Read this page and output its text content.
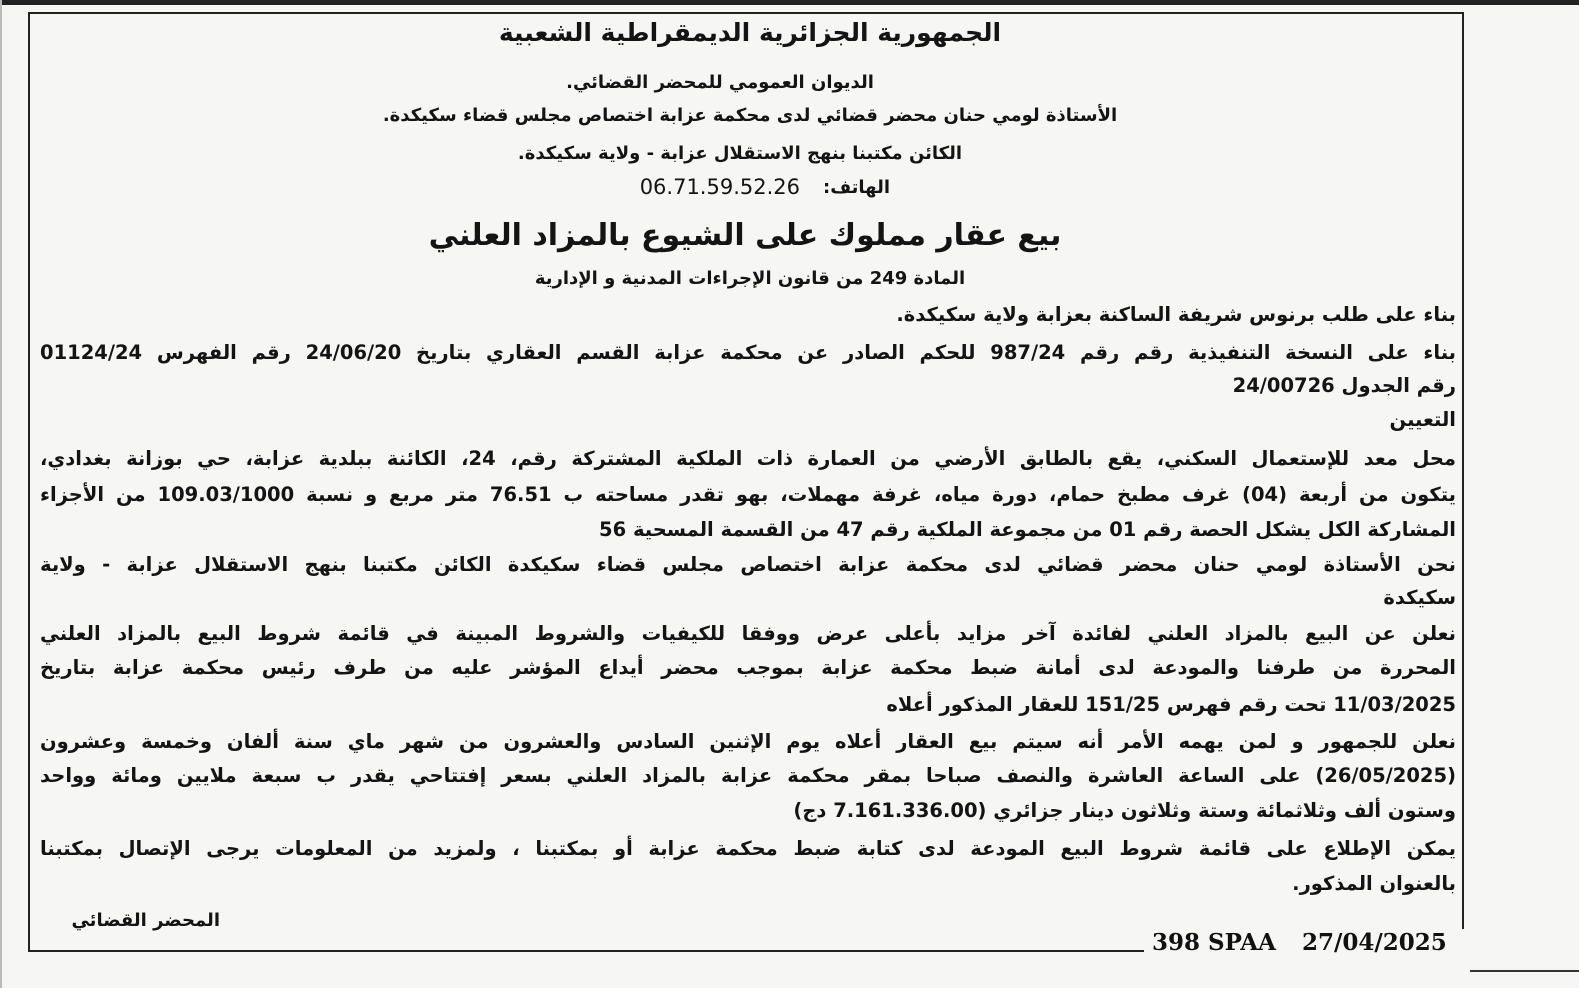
الجمهورية الجزائرية الديمقراطية الشعبية
الديوان العمومي للمحضر القضائي.
الأستاذة لومي حنان محضر قضائي لدى محكمة عزابة اختصاص مجلس قضاء سكيكدة.
الكائن مكتبنا بنهج الاستقلال عزابة - ولاية سكيكدة.
الهاتف:
06.71.59.52.26
بيع عقار مملوك على الشيوع بالمزاد العلني
المادة 249 من قانون الإجراءات المدنية و الإدارية
بناء على طلب برنوس شريفة الساكنة بعزابة ولاية سكيكدة.
بناء على النسخة التنفيذية رقم رقم 987/24 للحكم الصادر عن محكمة عزابة القسم العقاري بتاريخ 24/06/20 رقم الفهرس 01124/24
رقم الجدول 24/00726
التعيين
محل معد للإستعمال السكني، يقع بالطابق الأرضي من العمارة ذات الملكية المشتركة رقم، 24، الكائنة ببلدية عزابة، حي بوزانة بغدادي،
يتكون من أربعة (04) غرف مطبخ حمام، دورة مياه، غرفة مهملات، بهو تقدر مساحته ب 76.51 متر مربع و نسبة 109.03/1000 من الأجزاء
المشاركة الكل يشكل الحصة رقم 01 من مجموعة الملكية رقم 47 من القسمة المسحية 56
نحن الأستاذة لومي حنان محضر قضائي لدى محكمة عزابة اختصاص مجلس قضاء سكيكدة الكائن مكتبنا بنهج الاستقلال عزابة - ولاية
سكيكدة
نعلن عن البيع بالمزاد العلني لفائدة آخر مزايد بأعلى عرض ووفقا للكيفيات والشروط المبينة في قائمة شروط البيع بالمزاد العلني
المحررة من طرفنا والمودعة لدى أمانة ضبط محكمة عزابة بموجب محضر أيداع المؤشر عليه من طرف رئيس محكمة عزابة بتاريخ
11/03/2025 تحت رقم فهرس 151/25 للعقار المذكور أعلاه
نعلن للجمهور و لمن يهمه الأمر أنه سيتم بيع العقار أعلاه يوم الإثنين السادس والعشرون من شهر ماي سنة ألفان وخمسة وعشرون
(26/05/2025) على الساعة العاشرة والنصف صباحا بمقر محكمة عزابة بالمزاد العلني بسعر إفتتاحي يقدر ب سبعة ملايين ومائة وواحد
وستون ألف وثلاثمائة وستة وثلاثون دينار جزائري (7.161.336.00 دج)
يمكن الإطلاع على قائمة شروط البيع المودعة لدى كتابة ضبط محكمة عزابة أو بمكتبنا ، ولمزيد من المعلومات يرجى الإتصال بمكتبنا
بالعنوان المذكور.
المحضر القضائي
398 SPAA 27/04/2025
